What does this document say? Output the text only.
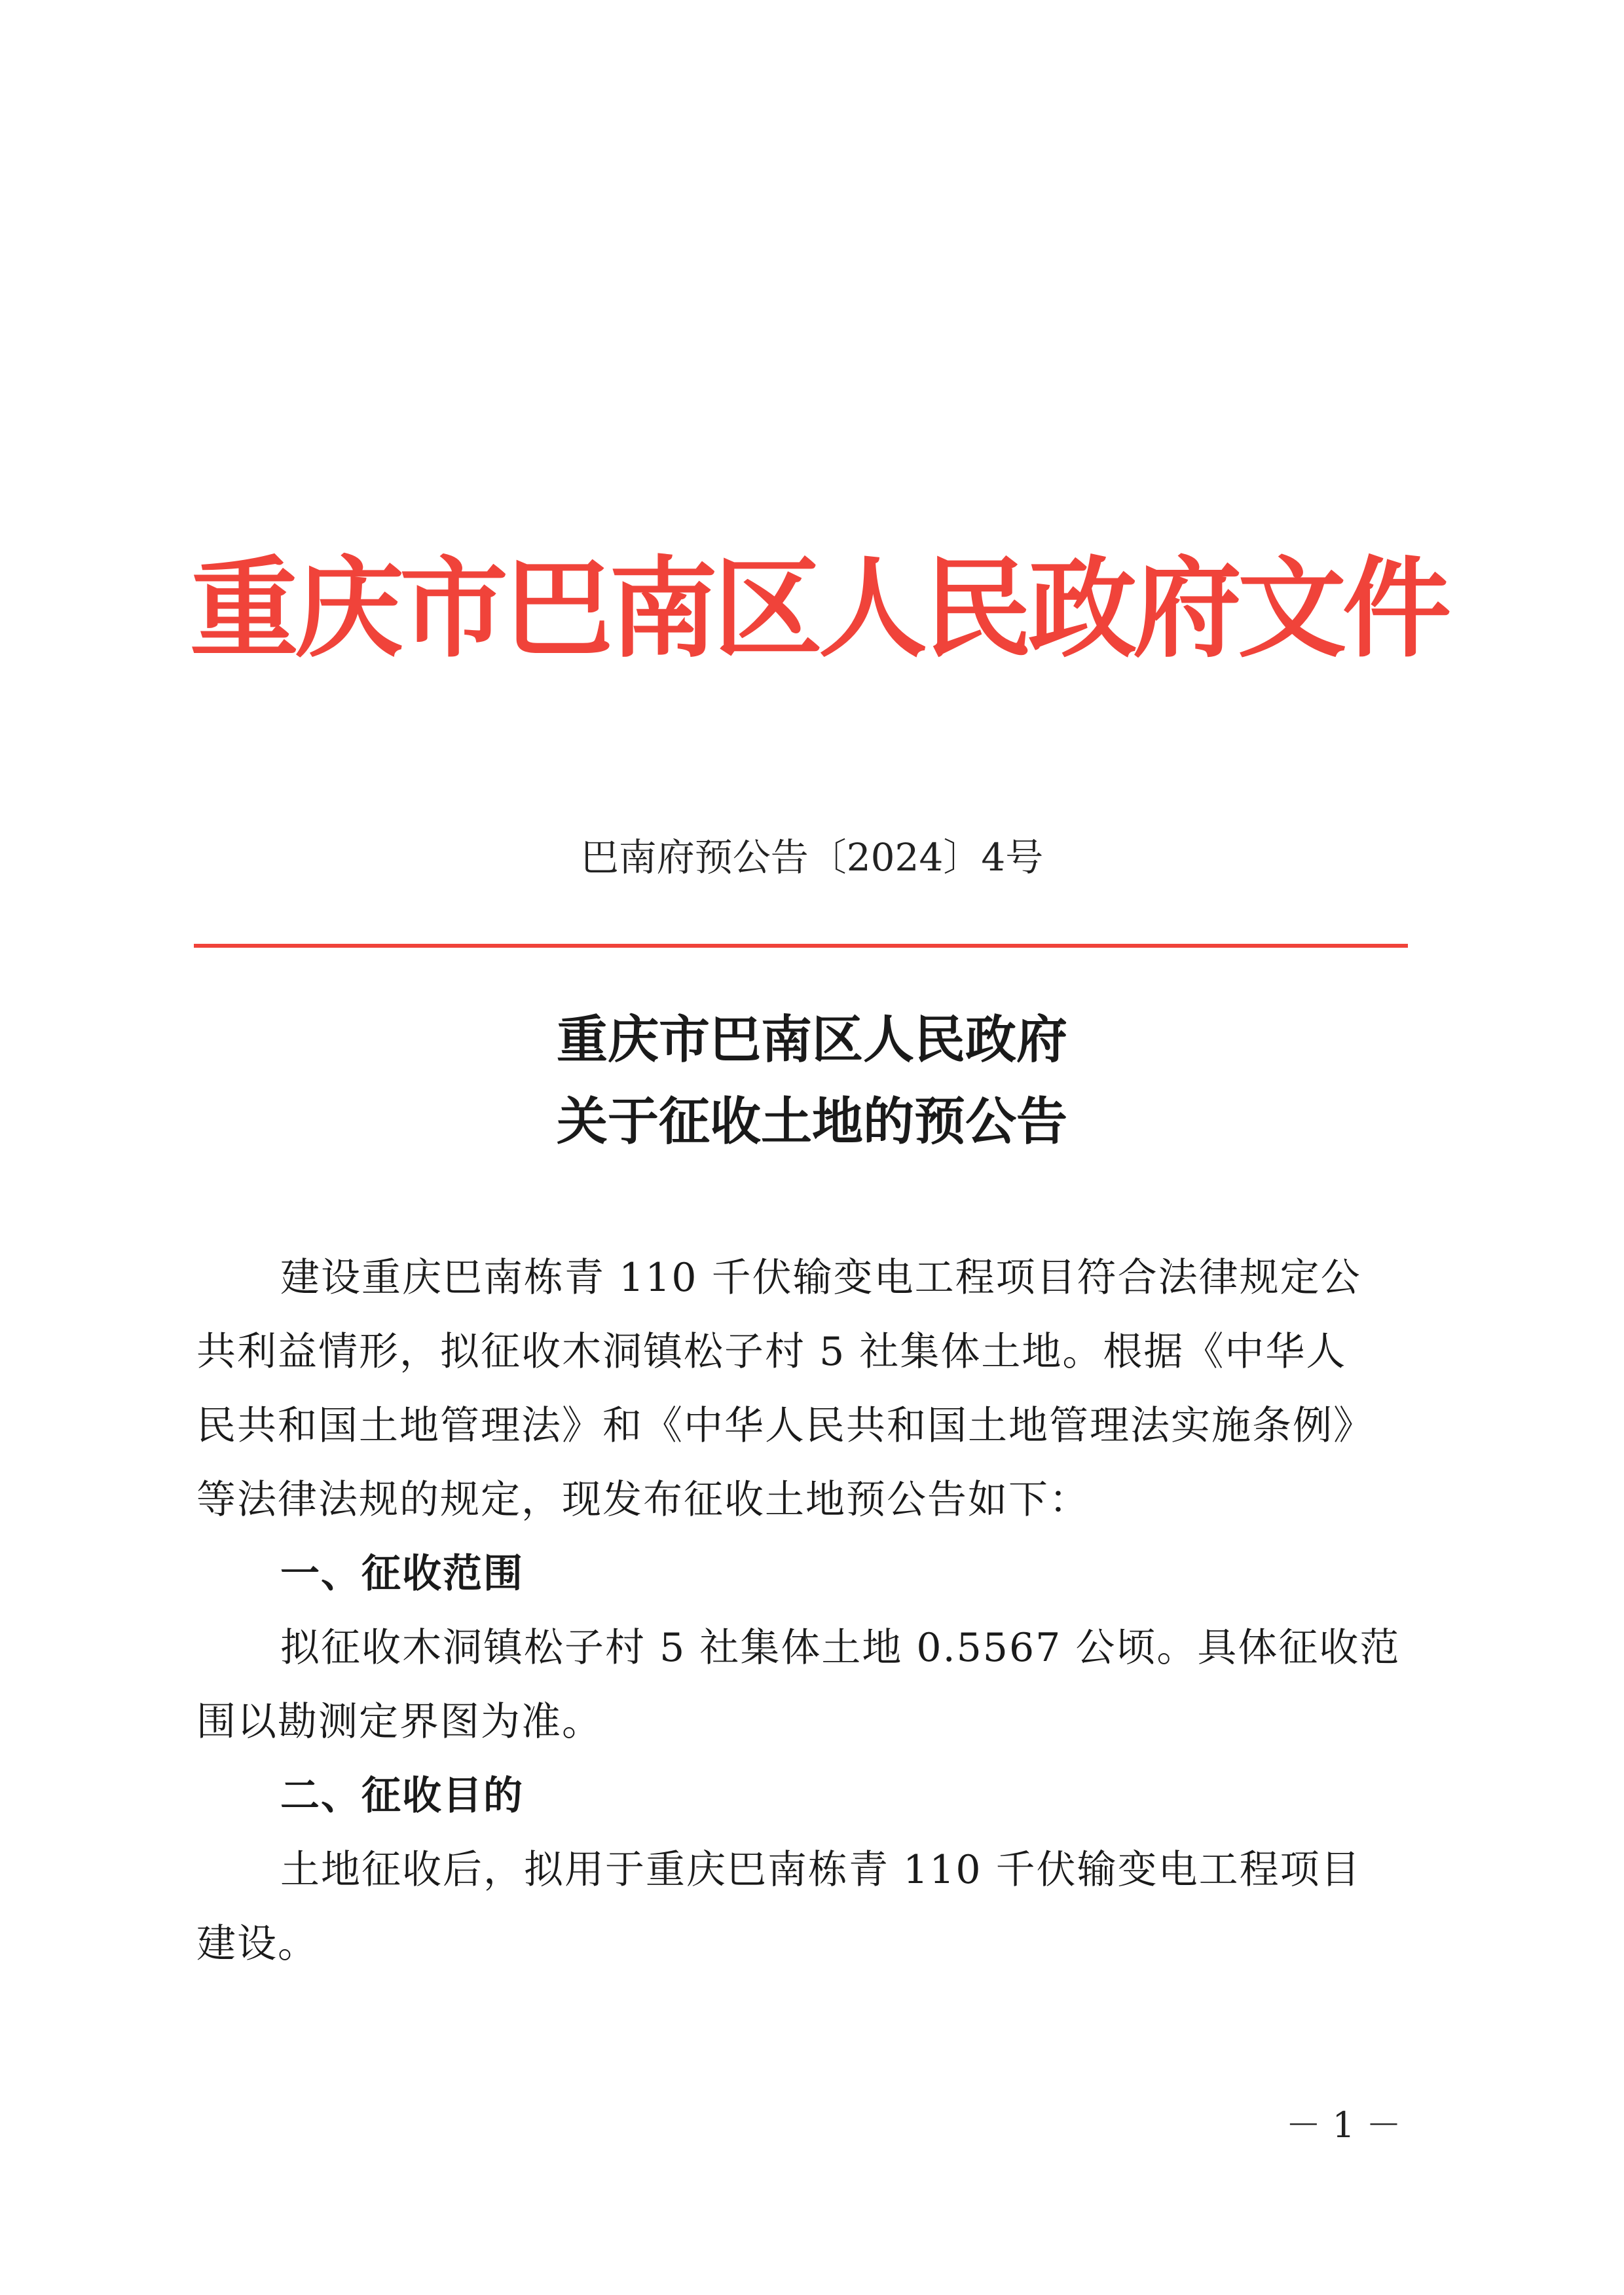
重庆市巴南区人民政府文件
巴南府预公告〔2024〕4号
重庆市巴南区人民政府
关于征收土地的预公告
建设重庆巴南栋青 110 千伏输变电工程项目符合法律规定公
共利益情形，拟征收木洞镇松子村 5 社集体土地。根据《中华人
民共和国土地管理法》和《中华人民共和国土地管理法实施条例》
等法律法规的规定，现发布征收土地预公告如下：
一、征收范围
拟征收木洞镇松子村 5 社集体土地 0.5567 公顷。具体征收范
围以勘测定界图为准。
二、征收目的
土地征收后，拟用于重庆巴南栋青 110 千伏输变电工程项目
建设。
－ 1 －
